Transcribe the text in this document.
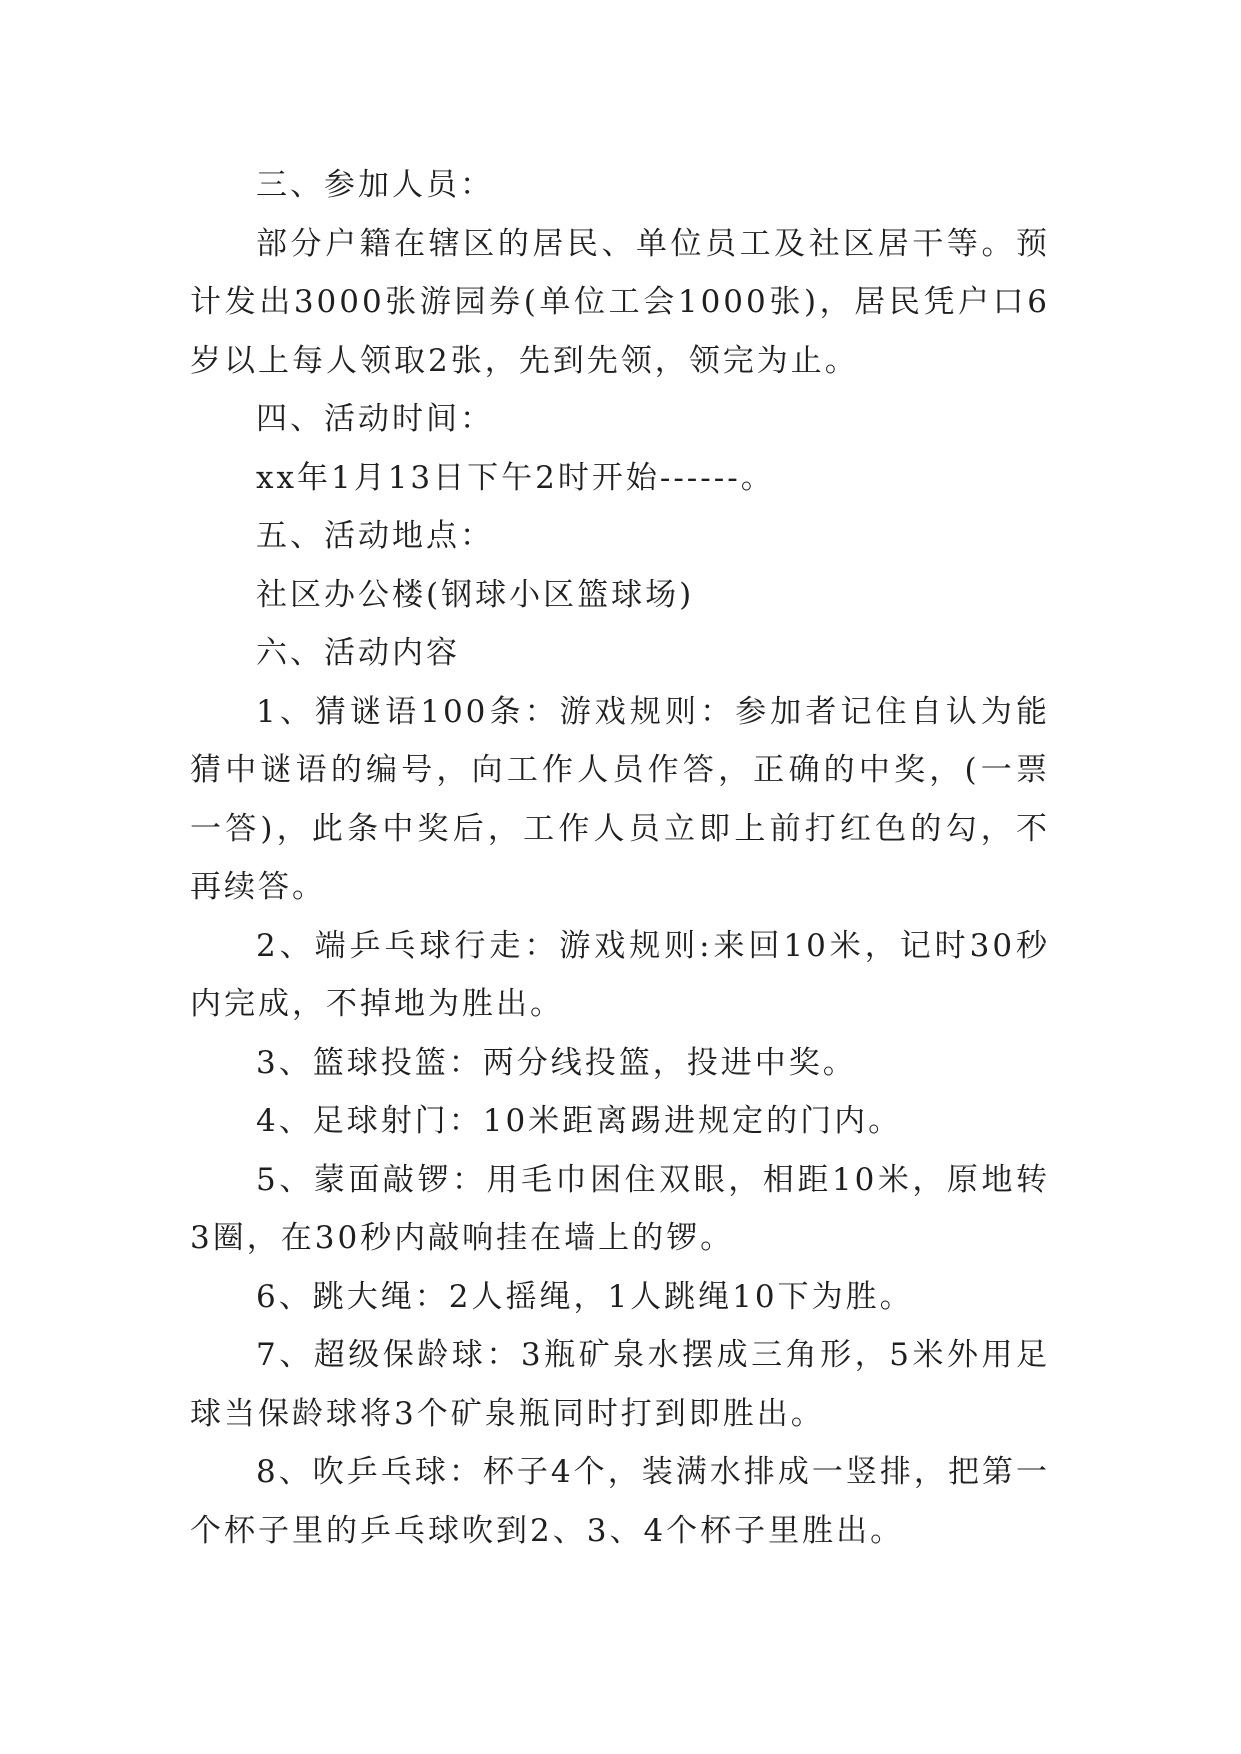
三、参加人员：

部分户籍在辖区的居民、单位员工及社区居干等。预计发出3000张游园券(单位工会1000张)，居民凭户口6岁以上每人领取2张，先到先领，领完为止。

四、活动时间：

xx年1月13日下午2时开始------。

五、活动地点：

社区办公楼(钢球小区篮球场)

六、活动内容

1、猜谜语100条：游戏规则：参加者记住自认为能猜中谜语的编号，向工作人员作答，正确的中奖，(一票一答)，此条中奖后，工作人员立即上前打红色的勾，不再续答。

2、端乒乓球行走：游戏规则:来回10米，记时30秒内完成，不掉地为胜出。

3、篮球投篮：两分线投篮，投进中奖。

4、足球射门：10米距离踢进规定的门内。

5、蒙面敲锣：用毛巾困住双眼，相距10米，原地转3圈，在30秒内敲响挂在墙上的锣。

6、跳大绳：2人摇绳，1人跳绳10下为胜。

7、超级保龄球：3瓶矿泉水摆成三角形，5米外用足球当保龄球将3个矿泉瓶同时打到即胜出。

8、吹乒乓球：杯子4个，装满水排成一竖排，把第一个杯子里的乒乓球吹到2、3、4个杯子里胜出。
